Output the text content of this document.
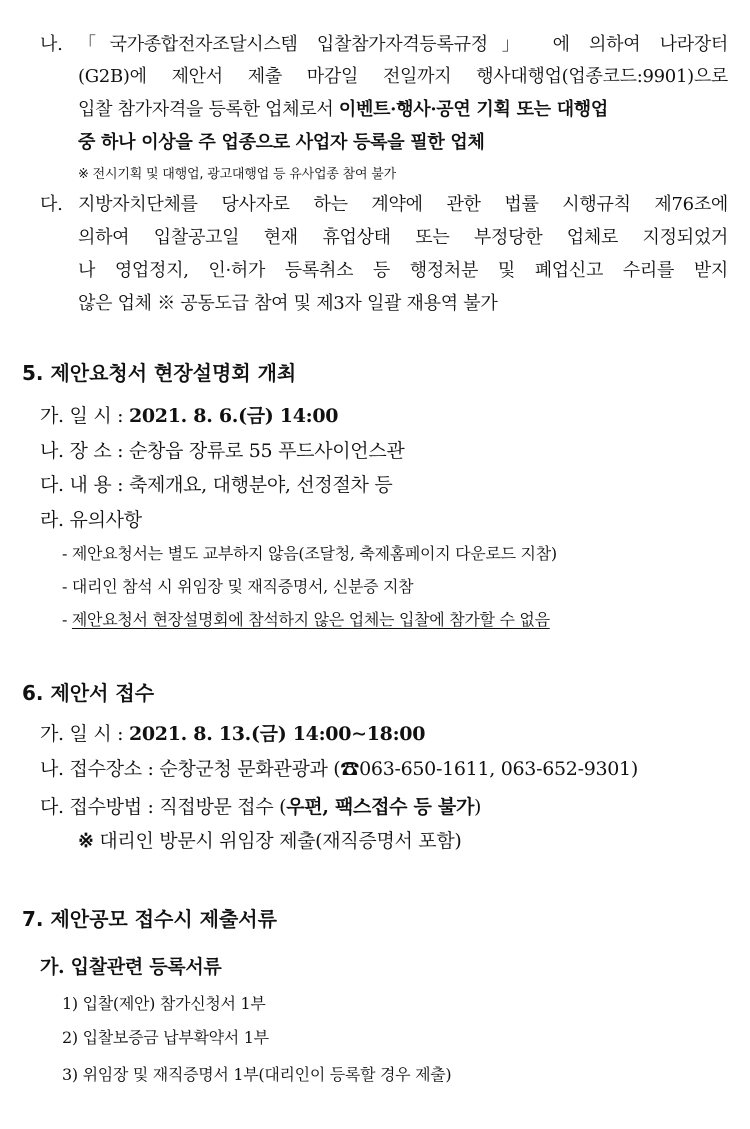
나. 「국가종합전자조달시스템 입찰참가자격등록규정」 에 의하여 나라장터
(G2B)에 제안서 제출 마감일 전일까지 행사대행업(업종코드:9901)으로
입찰 참가자격을 등록한 업체로서 이벤트·행사·공연 기획 또는 대행업
중 하나 이상을 주 업종으로 사업자 등록을 필한 업체
※ 전시기획 및 대행업, 광고대행업 등 유사업종 참여 불가
다. 지방자치단체를 당사자로 하는 계약에 관한 법률 시행규칙 제76조에
의하여 입찰공고일 현재 휴업상태 또는 부정당한 업체로 지정되었거
나 영업정지, 인·허가 등록취소 등 행정처분 및 폐업신고 수리를 받지
않은 업체 ※ 공동도급 참여 및 제3자 일괄 재용역 불가
5. 제안요청서 현장설명회 개최
가. 일 시 : 2021. 8. 6.(금) 14:00
나. 장 소 : 순창읍 장류로 55 푸드사이언스관
다. 내 용 : 축제개요, 대행분야, 선정절차 등
라. 유의사항
- 제안요청서는 별도 교부하지 않음(조달청, 축제홈페이지 다운로드 지참)
- 대리인 참석 시 위임장 및 재직증명서, 신분증 지참
- 제안요청서 현장설명회에 참석하지 않은 업체는 입찰에 참가할 수 없음
6. 제안서 접수
가. 일 시 : 2021. 8. 13.(금) 14:00∼18:00
나. 접수장소 : 순창군청 문화관광과 (☎063-650-1611, 063-652-9301)
다. 접수방법 : 직접방문 접수 (우편, 팩스접수 등 불가)
※ 대리인 방문시 위임장 제출(재직증명서 포함)
7. 제안공모 접수시 제출서류
가. 입찰관련 등록서류
1) 입찰(제안) 참가신청서 1부
2) 입찰보증금 납부확약서 1부
3) 위임장 및 재직증명서 1부(대리인이 등록할 경우 제출)
